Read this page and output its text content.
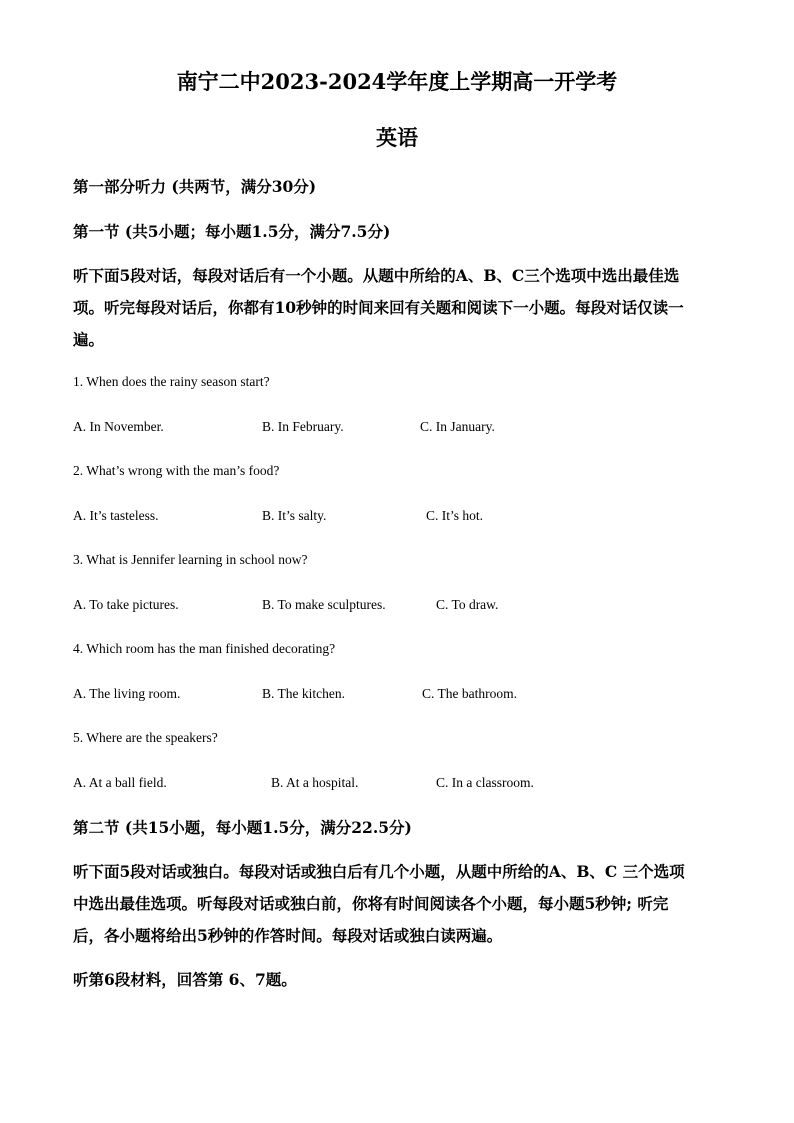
南宁二中2023-2024学年度上学期高一开学考
英语
第一部分听力 (共两节，满分30分)
第一节 (共5小题；每小题1.5分，满分7.5分)
听下面5段对话，每段对话后有一个小题。从题中所给的A、B、C三个选项中选出最佳选
项。听完每段对话后，你都有10秒钟的时间来回有关题和阅读下一小题。每段对话仅读一
遍。
1. When does the rainy season start?
A. In November.	B. In February.	C. In January.
2. What’s wrong with the man’s food?
A. It’s tasteless.	B. It’s salty.	C. It’s hot.
3. What is Jennifer learning in school now?
A. To take pictures.	B. To make sculptures.	C. To draw.
4. Which room has the man finished decorating?
A. The living room.	B. The kitchen.	C. The bathroom.
5. Where are the speakers?
A. At a ball field.	B. At a hospital.	C. In a classroom.
第二节 (共15小题，每小题1.5分，满分22.5分)
听下面5段对话或独白。每段对话或独白后有几个小题，从题中所给的A、B、C 三个选项
中选出最佳选项。听每段对话或独白前，你将有时间阅读各个小题，每小题5秒钟; 听完
后，各小题将给出5秒钟的作答时间。每段对话或独白读两遍。
听第6段材料，回答第 6、7题。
